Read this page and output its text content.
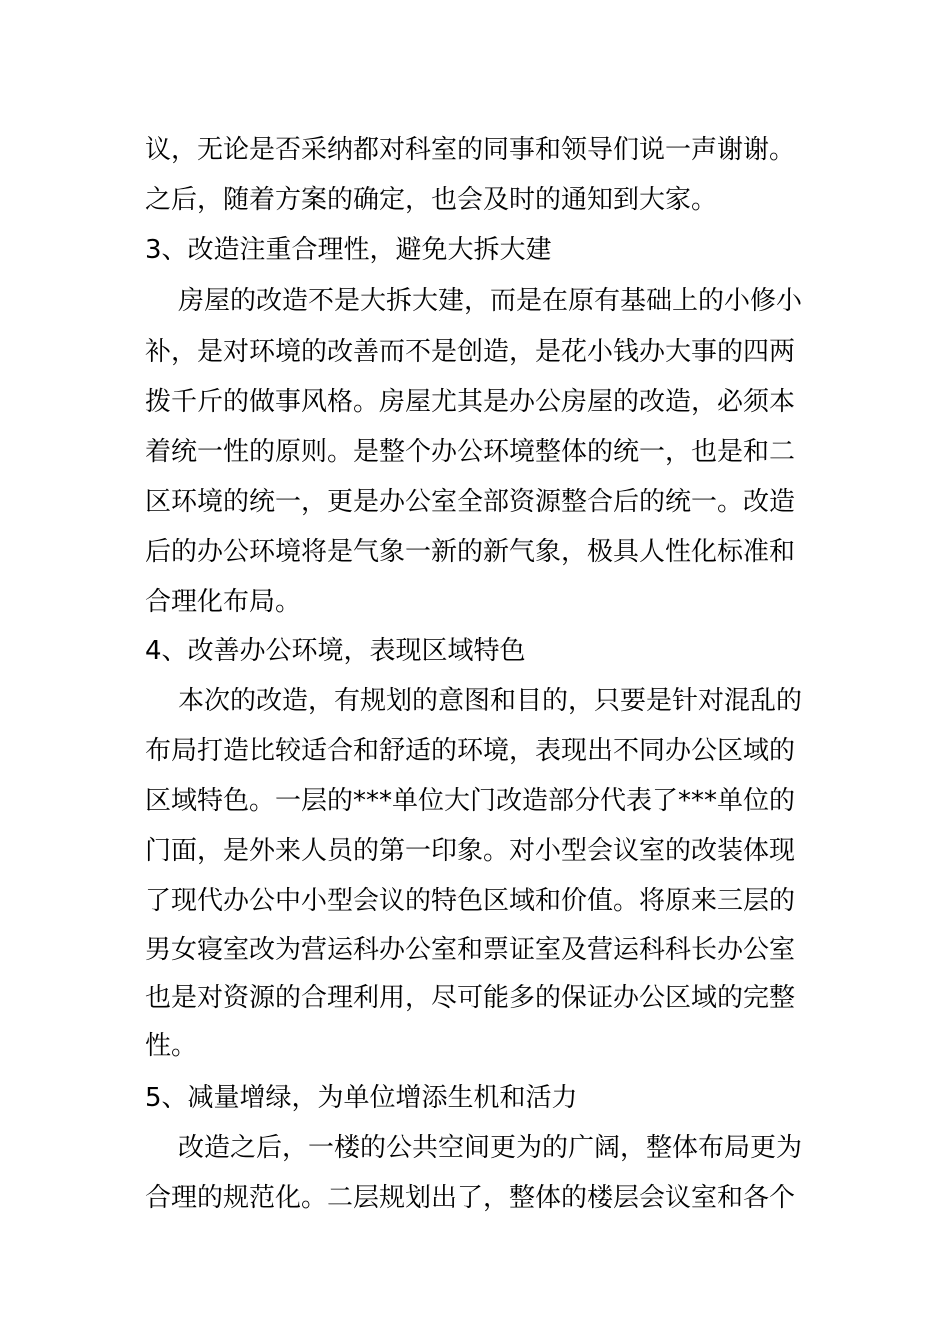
议，无论是否采纳都对科室的同事和领导们说一声谢谢。
之后，随着方案的确定，也会及时的通知到大家。
3、改造注重合理性，避免大拆大建
房屋的改造不是大拆大建，而是在原有基础上的小修小
补，是对环境的改善而不是创造，是花小钱办大事的四两
拨千斤的做事风格。房屋尤其是办公房屋的改造，必须本
着统一性的原则。是整个办公环境整体的统一，也是和二
区环境的统一，更是办公室全部资源整合后的统一。改造
后的办公环境将是气象一新的新气象，极具人性化标准和
合理化布局。
4、改善办公环境，表现区域特色
本次的改造，有规划的意图和目的，只要是针对混乱的
布局打造比较适合和舒适的环境，表现出不同办公区域的
区域特色。一层的***单位大门改造部分代表了***单位的
门面，是外来人员的第一印象。对小型会议室的改装体现
了现代办公中小型会议的特色区域和价值。将原来三层的
男女寝室改为营运科办公室和票证室及营运科科长办公室
也是对资源的合理利用，尽可能多的保证办公区域的完整
性。
5、减量增绿，为单位增添生机和活力
改造之后，一楼的公共空间更为的广阔，整体布局更为
合理的规范化。二层规划出了，整体的楼层会议室和各个
